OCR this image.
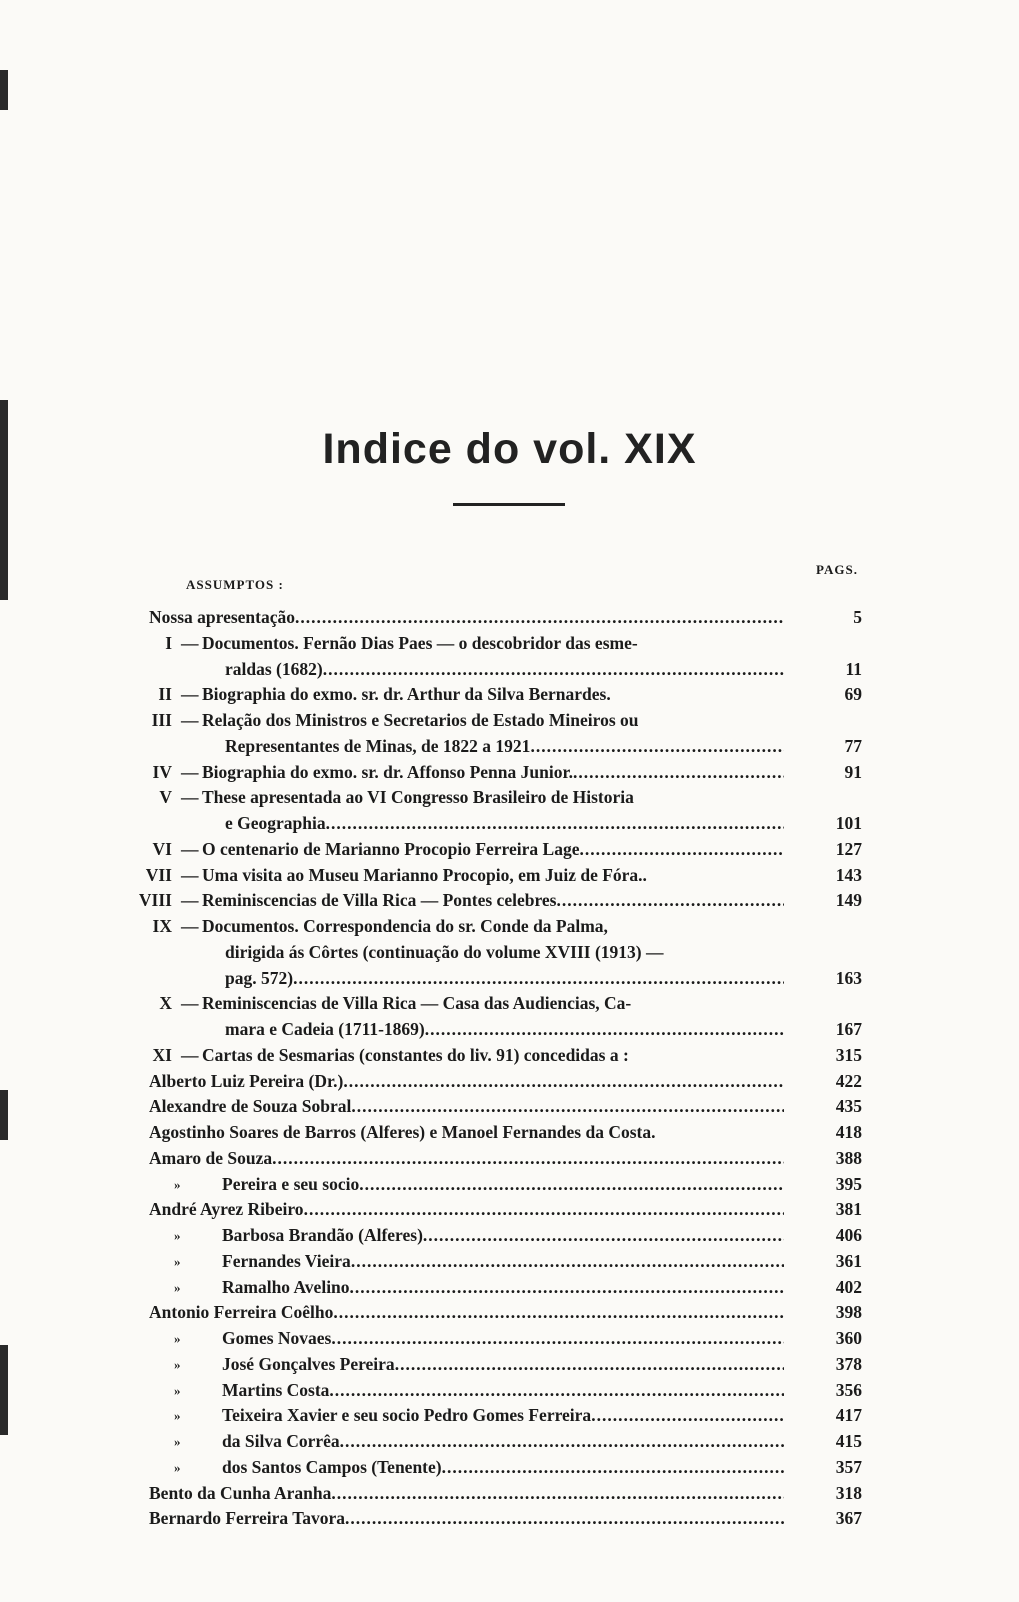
Indice do vol. XIX
ASSUMPTOS :
PAGS.
Nossa apresentação .....	5
I — Documentos. Fernão Dias Paes — o descobridor das esme-
raldas (1682) .....	11
II — Biographia do exmo. sr. dr. Arthur da Silva Bernardes.	69
III — Relação dos Ministros e Secretarios de Estado Mineiros ou
Representantes de Minas, de 1822 a 1921 .....	77
IV — Biographia do exmo. sr. dr. Affonso Penna Junior. .....	91
V — These apresentada ao VI Congresso Brasileiro de Historia
e Geographia .....	101
VI — O centenario de Marianno Procopio Ferreira Lage .....	127
VII — Uma visita ao Museu Marianno Procopio, em Juiz de Fóra..	143
VIII — Reminiscencias de Villa Rica — Pontes celebres .....	149
IX — Documentos. Correspondencia do sr. Conde da Palma,
dirigida ás Côrtes (continuação do volume XVIII (1913) —
pag. 572) .....	163
X — Reminiscencias de Villa Rica — Casa das Audiencias, Ca-
mara e Cadeia (1711-1869) .....	167
XI — Cartas de Sesmarias (constantes do liv. 91) concedidas a :	315
Alberto Luiz Pereira (Dr.) .....	422
Alexandre de Souza Sobral .....	435
Agostinho Soares de Barros (Alferes) e Manoel Fernandes da Costa.	418
Amaro de Souza .....	388
» Pereira e seu socio .....	395
André Ayrez Ribeiro .....	381
» Barbosa Brandão (Alferes) .....	406
» Fernandes Vieira .....	361
» Ramalho Avelino .....	402
Antonio Ferreira Coêlho .....	398
» Gomes Novaes .....	360
» José Gonçalves Pereira .....	378
» Martins Costa .....	356
» Teixeira Xavier e seu socio Pedro Gomes Ferreira .....	417
» da Silva Corrêa .....	415
» dos Santos Campos (Tenente) .....	357
Bento da Cunha Aranha .....	318
Bernardo Ferreira Tavora .....	367
